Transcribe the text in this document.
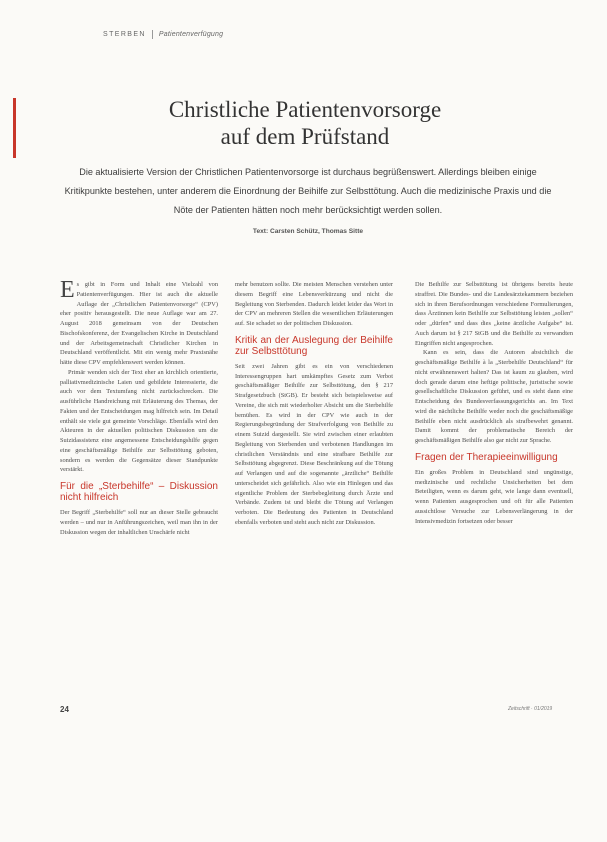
STERBEN Patientenverfügung
Christliche Patientenvorsorge
auf dem Prüfstand
Die aktualisierte Version der Christlichen Patientenvorsorge ist durchaus begrüßenswert. Allerdings bleiben einige Kritikpunkte bestehen, unter anderem die Einordnung der Beihilfe zur Selbsttötung. Auch die medizinische Praxis und die Nöte der Patienten hätten noch mehr berücksichtigt werden sollen.
Text: Carsten Schütz, Thomas Sitte

Es gibt in Form und Inhalt eine Vielzahl von Patientenverfügungen. Hier ist auch die aktuelle Auflage der „Christlichen Patientenvorsorge“ (CPV) eher positiv herausgestellt. Die neue Auflage war am 27. August 2018 gemeinsam von der Deutschen Bischofskonferenz, der Evangelischen Kirche in Deutschland und der Arbeitsgemeinschaft Christlicher Kirchen in Deutschland veröffentlicht. Mit ein wenig mehr Praxisnähe hätte diese CPV empfehlenswert werden können.

Primär wenden sich der Text eher an kirchlich orientierte, palliativmedizinische Laien und gebildete Interessierte, die auch vor dem Textumfang nicht zurückschrecken. Die ausführliche Handreichung mit Erläuterung des Themas, der Fakten und der Entscheidungen mag hilfreich sein. Im Detail enthält sie viele gut gemeinte Vorschläge. Ebenfalls wird den Akteuren in der aktuellen politischen Diskussion um die Suizidassistenz eine angemessene Entscheidungshilfe gegen eine geschäftsmäßige Beihilfe zur Selbsttötung geboten, sondern es werden die Gegensätze dieser Standpunkte verstärkt.

Für die „Sterbehilfe“ – Diskussion nicht hilfreich

Der Begriff „Sterbehilfe“ soll nur an dieser Stelle gebraucht werden – und nur in Anführungszeichen, weil man ihn in der Diskussion wegen der inhaltlichen Unschärfe nicht

mehr benutzen sollte. Die meisten Menschen verstehen unter diesem Begriff eine Lebensverkürzung und nicht die Begleitung von Sterbenden. Dadurch leidet leider das Wort in der CPV an mehreren Stellen die wesentlichen Erläuterungen auf. Sie schadet so der politischen Diskussion.

Kritik an der Auslegung der Beihilfe zur Selbsttötung

Seit zwei Jahren gibt es ein von verschiedenen Interessengruppen hart umkämpftes Gesetz zum Verbot geschäftsmäßiger Beihilfe zur Selbsttötung, den § 217 Strafgesetzbuch (StGB). Er besteht sich beispielsweise auf Vereine, die sich mit wiederholter Absicht um die Sterbehilfe bemühen. Es wird in der CPV wie auch in der Regierungsbegründung der Strafverfolgung von Beihilfe zu einem Suizid dargestellt. Sie wird zwischen einer erlaubten Begleitung von Sterbenden und verbotenen Handlungen im christlichen Verständnis und eine strafbare Beihilfe zur Selbsttötung abgegrenzt. Diese Beschränkung auf die Tötung auf Verlangen und auf die sogenannte „ärztliche“ Beihilfe unterscheidet sich gefährlich. Also wie ein Hinlegen und das eigentliche Problem der Sterbebegleitung durch Ärzte und Verbände. Zudem ist und bleibt die Tötung auf Verlangen verboten. Die Bedeutung des Patienten in Deutschland ebenfalls verboten und steht auch nicht zur Diskussion.

Die Beihilfe zur Selbsttötung ist übrigens bereits heute straffrei. Die Bundes- und die Landesärztekammern beziehen sich in ihren Berufsordnungen verschiedene Formulierungen, dass Ärztinnen kein Beihilfe zur Selbsttötung leisten „sollen“ oder „dürfen“ und dass dies „keine ärztliche Aufgabe“ ist. Auch darum ist § 217 StGB und die Beihilfe zu verwandten Eingriffen nicht angesprochen.

Kann es sein, dass die Autoren absichtlich die geschäftsmäßige Beihilfe à la „Sterbehilfe Deutschland“ für nicht erwähnenswert halten? Das ist kaum zu glauben, wird doch gerade darum eine heftige politische, juristische sowie gesellschaftliche Diskussion geführt, und es steht dann eine Entscheidung des Bundesverfassungsgerichts an. Im Text wird die nächtliche Beihilfe weder noch die geschäftsmäßige Beihilfe eben nicht ausdrücklich als strafbewehrt genannt. Damit kommt der problematische Bereich der geschäftsmäßigen Beihilfe also gar nicht zur Sprache.

Fragen der Therapieeinwilligung

Ein großes Problem in Deutschland sind ungünstige, medizinische und rechtliche Unsicherheiten bei dem Beteiligten, wenn es darum geht, wie lange dann eventuell, wenn Patienten ausgesprochen und oft für alle Patienten aussichtlose Versuche zur Lebensverlängerung in der Intensivmedizin fortsetzen oder besser

24	Zeitschrift · 01/2019
